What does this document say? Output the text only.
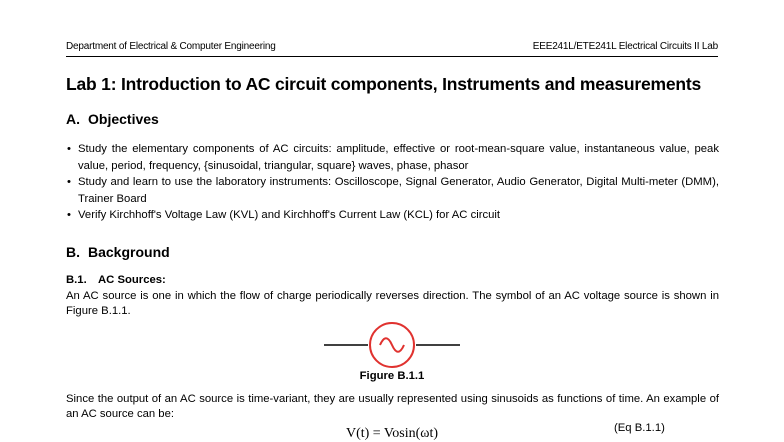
Department of Electrical & Computer Engineering	EEE241L/ETE241L Electrical Circuits II Lab
Lab 1: Introduction to AC circuit components, Instruments and measurements
A. Objectives
• Study the elementary components of AC circuits: amplitude, effective or root-mean-square value, instantaneous value, peak value, period, frequency, {sinusoidal, triangular, square} waves, phase, phasor
• Study and learn to use the laboratory instruments: Oscilloscope, Signal Generator, Audio Generator, Digital Multi-meter (DMM), Trainer Board
• Verify Kirchhoff's Voltage Law (KVL) and Kirchhoff's Current Law (KCL) for AC circuit
B. Background
B.1. AC Sources:
An AC source is one in which the flow of charge periodically reverses direction. The symbol of an AC voltage source is shown in Figure B.1.1.
Figure B.1.1
Since the output of an AC source is time-variant, they are usually represented using sinusoids as functions of time. An example of an AC source can be:
V(t) = Vosin(ωt)	(Eq B.1.1)
